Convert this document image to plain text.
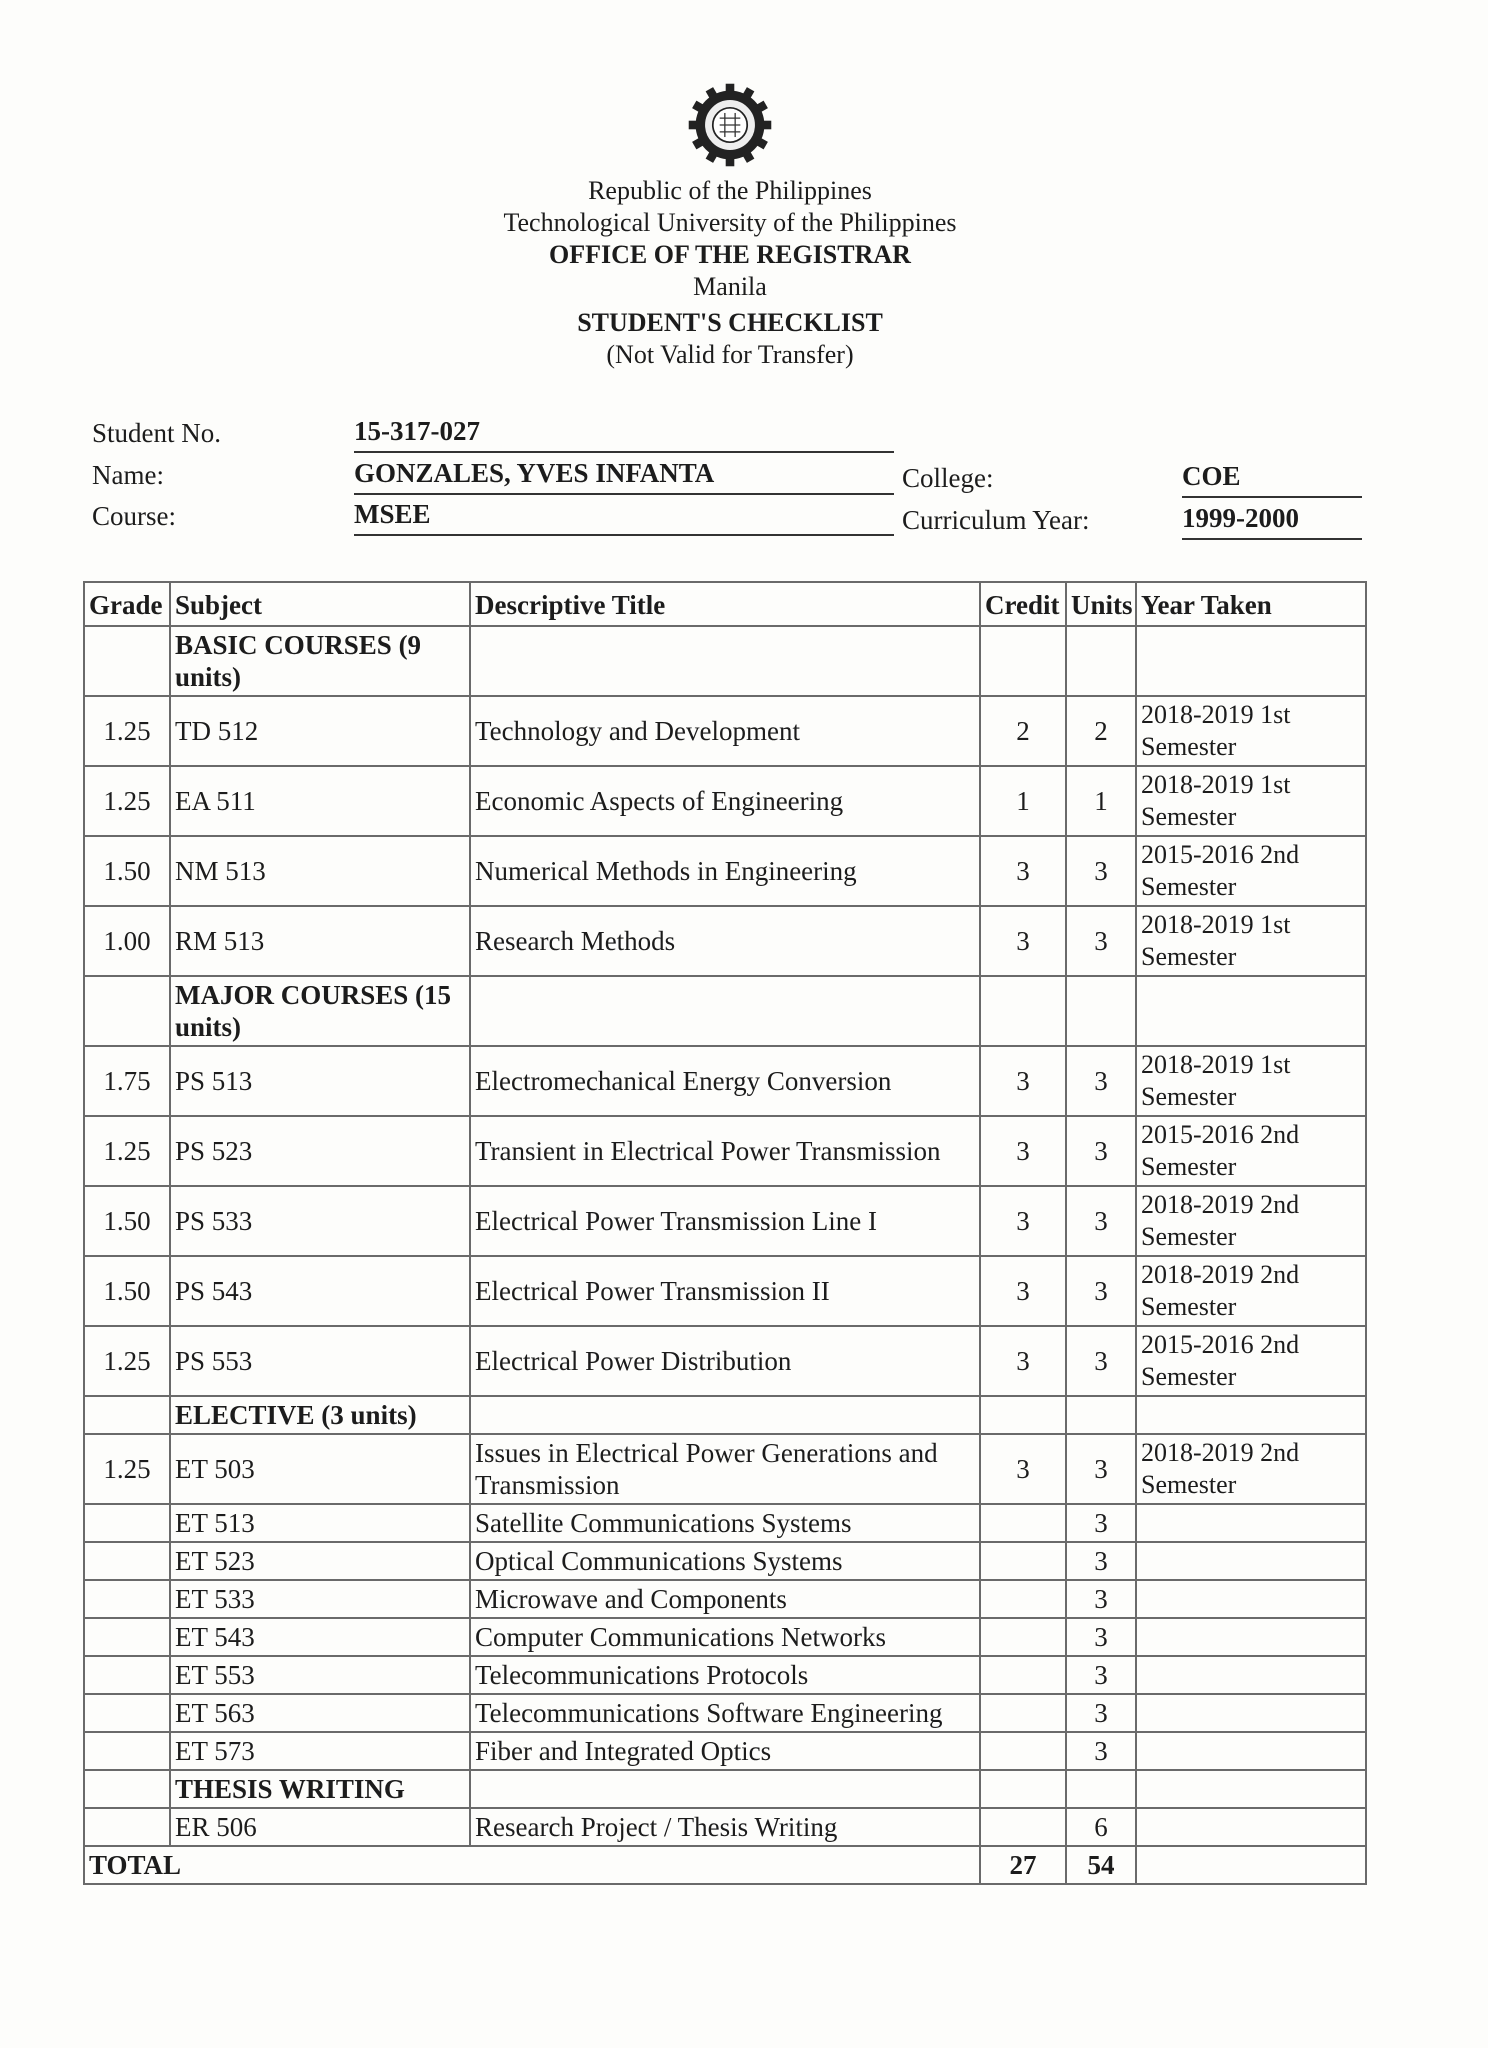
Republic of the Philippines
Technological University of the Philippines
OFFICE OF THE REGISTRAR
Manila
STUDENT'S CHECKLIST
(Not Valid for Transfer)
Student No.	15-317-027
Name:	GONZALES, YVES INFANTA
Course:	MSEE
College:	COE
Curriculum Year:	1999-2000
Grade	Subject	Descriptive Title	Credit	Units	Year Taken
	BASIC COURSES (9 units)				
1.25	TD 512	Technology and Development	2	2	2018-2019 1st Semester
1.25	EA 511	Economic Aspects of Engineering	1	1	2018-2019 1st Semester
1.50	NM 513	Numerical Methods in Engineering	3	3	2015-2016 2nd Semester
1.00	RM 513	Research Methods	3	3	2018-2019 1st Semester
	MAJOR COURSES (15 units)				
1.75	PS 513	Electromechanical Energy Conversion	3	3	2018-2019 1st Semester
1.25	PS 523	Transient in Electrical Power Transmission	3	3	2015-2016 2nd Semester
1.50	PS 533	Electrical Power Transmission Line I	3	3	2018-2019 2nd Semester
1.50	PS 543	Electrical Power Transmission II	3	3	2018-2019 2nd Semester
1.25	PS 553	Electrical Power Distribution	3	3	2015-2016 2nd Semester
	ELECTIVE (3 units)				
1.25	ET 503	Issues in Electrical Power Generations and Transmission	3	3	2018-2019 2nd Semester
	ET 513	Satellite Communications Systems		3	
	ET 523	Optical Communications Systems		3	
	ET 533	Microwave and Components		3	
	ET 543	Computer Communications Networks		3	
	ET 553	Telecommunications Protocols		3	
	ET 563	Telecommunications Software Engineering		3	
	ET 573	Fiber and Integrated Optics		3	
	THESIS WRITING				
	ER 506	Research Project / Thesis Writing		6	
TOTAL			27	54	
